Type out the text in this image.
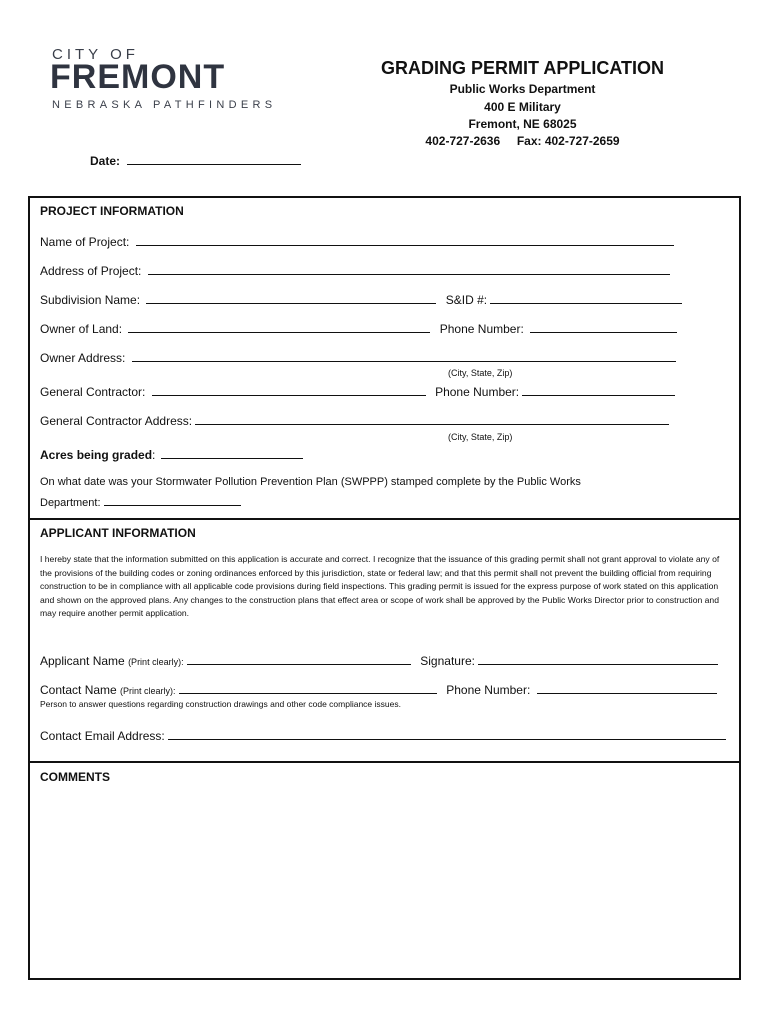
CITY OF
FREMONT
NEBRASKA PATHFINDERS
GRADING PERMIT APPLICATION
Public Works Department
400 E Military
Fremont, NE 68025
402-727-2636     Fax: 402-727-2659
Date:
PROJECT INFORMATION
Name of Project:
Address of Project:
Subdivision Name:	S&ID #:
Owner of Land:	Phone Number:
Owner Address:
(City, State, Zip)
General Contractor:	Phone Number:
General Contractor Address:
(City, State, Zip)
Acres being graded:
On what date was your Stormwater Pollution Prevention Plan (SWPPP) stamped complete by the Public Works
Department:
APPLICANT INFORMATION
I hereby state that the information submitted on this application is accurate and correct. I recognize that the issuance of this grading permit shall not grant approval to violate any of the provisions of the building codes or zoning ordinances enforced by this jurisdiction, state or federal law; and that this permit shall not prevent the building official from requiring construction to be in compliance with all applicable code provisions during field inspections. This grading permit is issued for the express purpose of work stated on this application and shown on the approved plans. Any changes to the construction plans that effect area or scope of work shall be approved by the Public Works Director prior to construction and may require another permit application.
Applicant Name (Print clearly):	Signature:
Contact Name (Print clearly):	Phone Number:
Person to answer questions regarding construction drawings and other code compliance issues.
Contact Email Address:
COMMENTS
